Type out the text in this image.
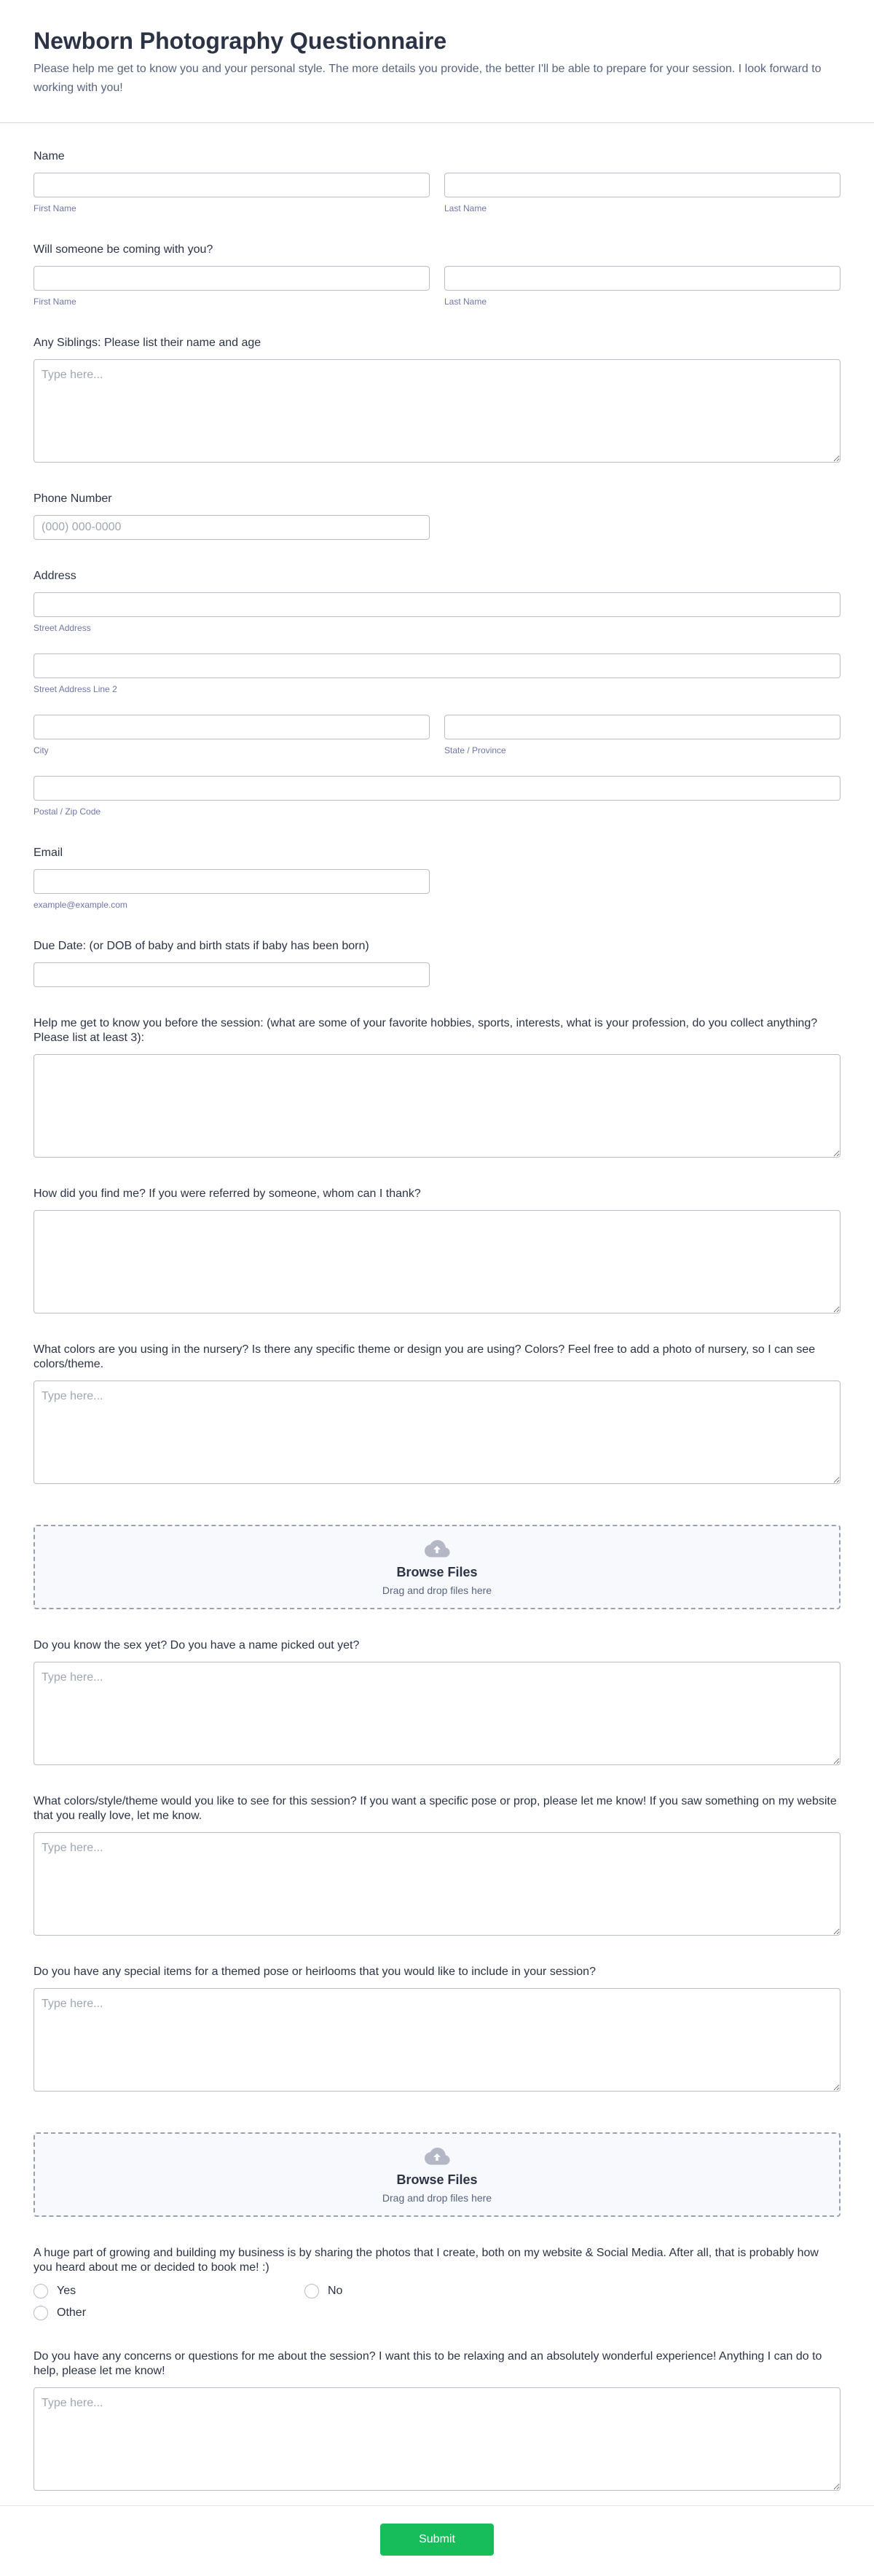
Newborn Photography Questionnaire

Please help me get to know you and your personal style. The more details you provide, the better I'll be able to prepare for your session. I look forward to working with you!

Name
First Name	Last Name
Will someone be coming with you?
First Name	Last Name
Any Siblings: Please list their name and age
Type here...
Phone Number
(000) 000-0000
Address
Street Address
Street Address Line 2
City	State / Province
Postal / Zip Code
Email
example@example.com
Due Date: (or DOB of baby and birth stats if baby has been born)
Help me get to know you before the session: (what are some of your favorite hobbies, sports, interests, what is your profession, do you collect anything? Please list at least 3):
How did you find me? If you were referred by someone, whom can I thank?
What colors are you using in the nursery? Is there any specific theme or design you are using? Colors? Feel free to add a photo of nursery, so I can see colors/theme.
Type here...
Browse Files
Drag and drop files here
Do you know the sex yet? Do you have a name picked out yet?
Type here...
What colors/style/theme would you like to see for this session? If you want a specific pose or prop, please let me know! If you saw something on my website that you really love, let me know.
Type here...
Do you have any special items for a themed pose or heirlooms that you would like to include in your session?
Type here...
Browse Files
Drag and drop files here
A huge part of growing and building my business is by sharing the photos that I create, both on my website & Social Media. After all, that is probably how you heard about me or decided to book me! :)
Yes	No
Other
Do you have any concerns or questions for me about the session? I want this to be relaxing and an absolutely wonderful experience! Anything I can do to help, please let me know!
Type here...
Submit
